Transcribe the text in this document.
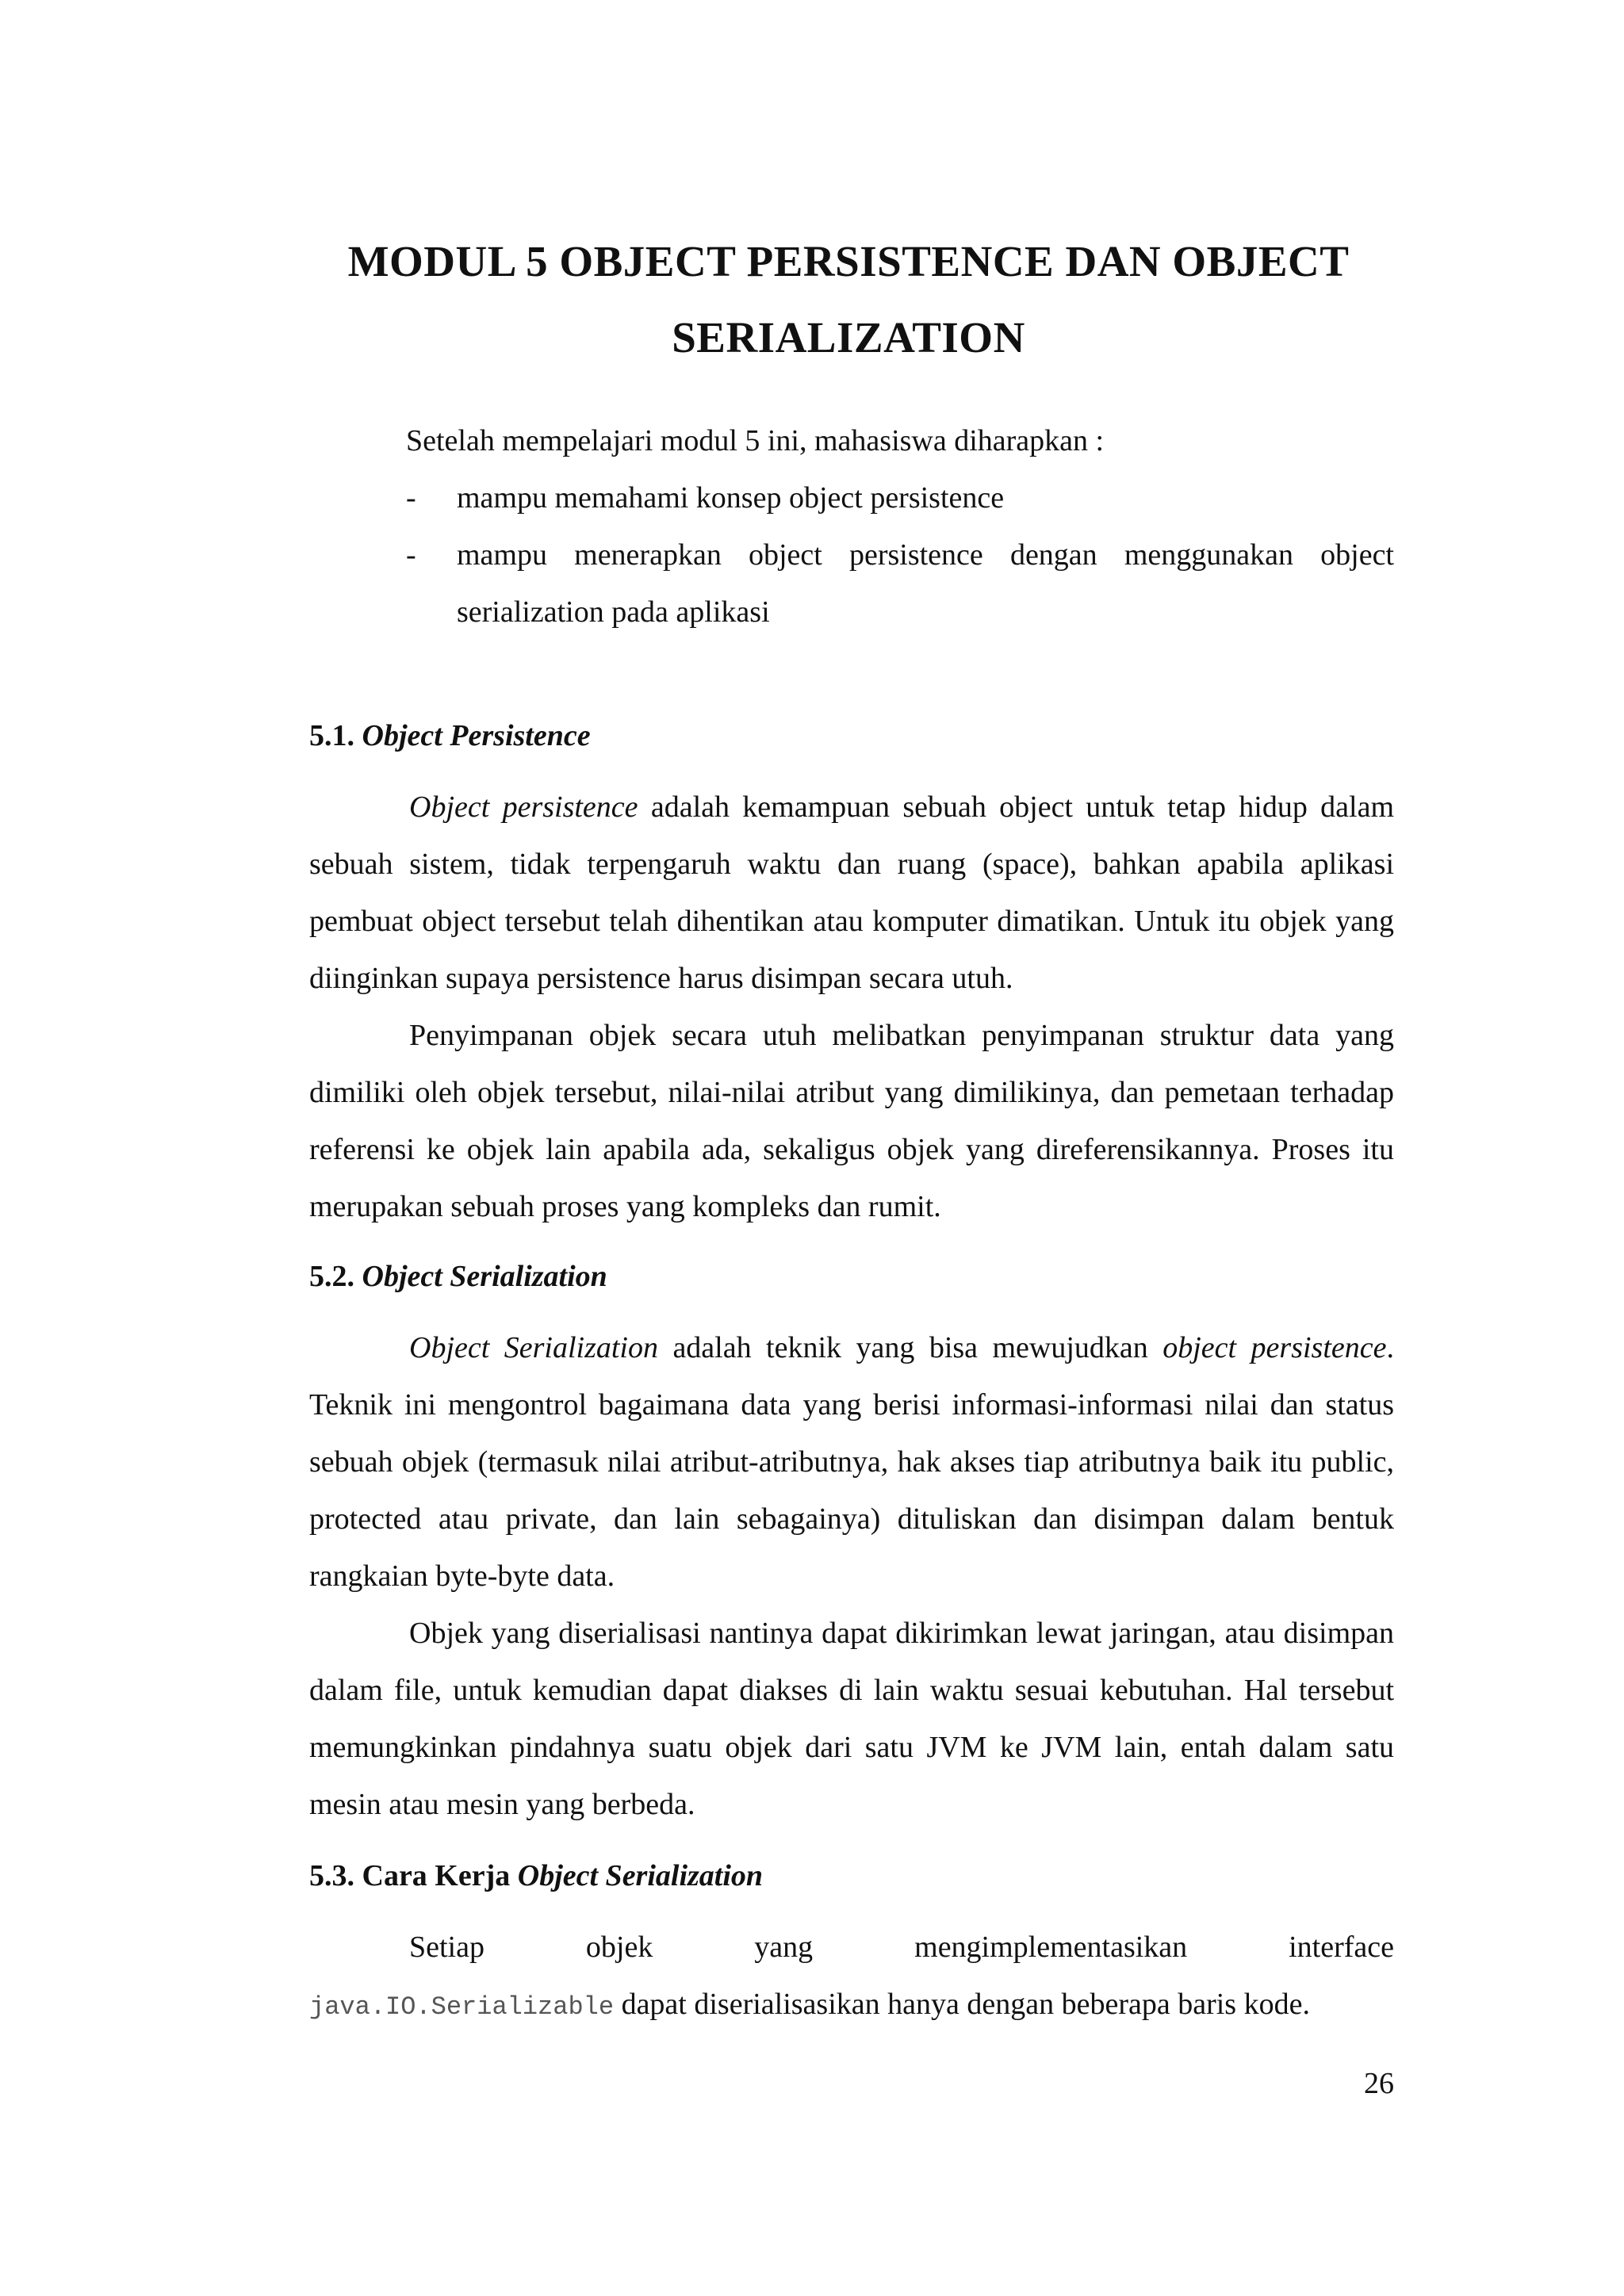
MODUL 5 OBJECT PERSISTENCE DAN OBJECT
SERIALIZATION
Setelah mempelajari modul 5 ini, mahasiswa diharapkan :
- mampu memahami konsep object persistence
- mampu menerapkan object persistence dengan menggunakan object serialization pada aplikasi
5.1. Object Persistence
Object persistence adalah kemampuan sebuah object untuk tetap hidup dalam sebuah sistem, tidak terpengaruh waktu dan ruang (space), bahkan apabila aplikasi pembuat object tersebut telah dihentikan atau komputer dimatikan. Untuk itu objek yang diinginkan supaya persistence harus disimpan secara utuh.
Penyimpanan objek secara utuh melibatkan penyimpanan struktur data yang dimiliki oleh objek tersebut, nilai-nilai atribut yang dimilikinya, dan pemetaan terhadap referensi ke objek lain apabila ada, sekaligus objek yang direferensikannya. Proses itu merupakan sebuah proses yang kompleks dan rumit.
5.2. Object Serialization
Object Serialization adalah teknik yang bisa mewujudkan object persistence. Teknik ini mengontrol bagaimana data yang berisi informasi-informasi nilai dan status sebuah objek (termasuk nilai atribut-atributnya, hak akses tiap atributnya baik itu public, protected atau private, dan lain sebagainya) dituliskan dan disimpan dalam bentuk rangkaian byte-byte data.
Objek yang diserialisasi nantinya dapat dikirimkan lewat jaringan, atau disimpan dalam file, untuk kemudian dapat diakses di lain waktu sesuai kebutuhan. Hal tersebut memungkinkan pindahnya suatu objek dari satu JVM ke JVM lain, entah dalam satu mesin atau mesin yang berbeda.
5.3. Cara Kerja Object Serialization
Setiap objek yang mengimplementasikan interface
java.IO.Serializable dapat diserialisasikan hanya dengan beberapa baris kode.
26
